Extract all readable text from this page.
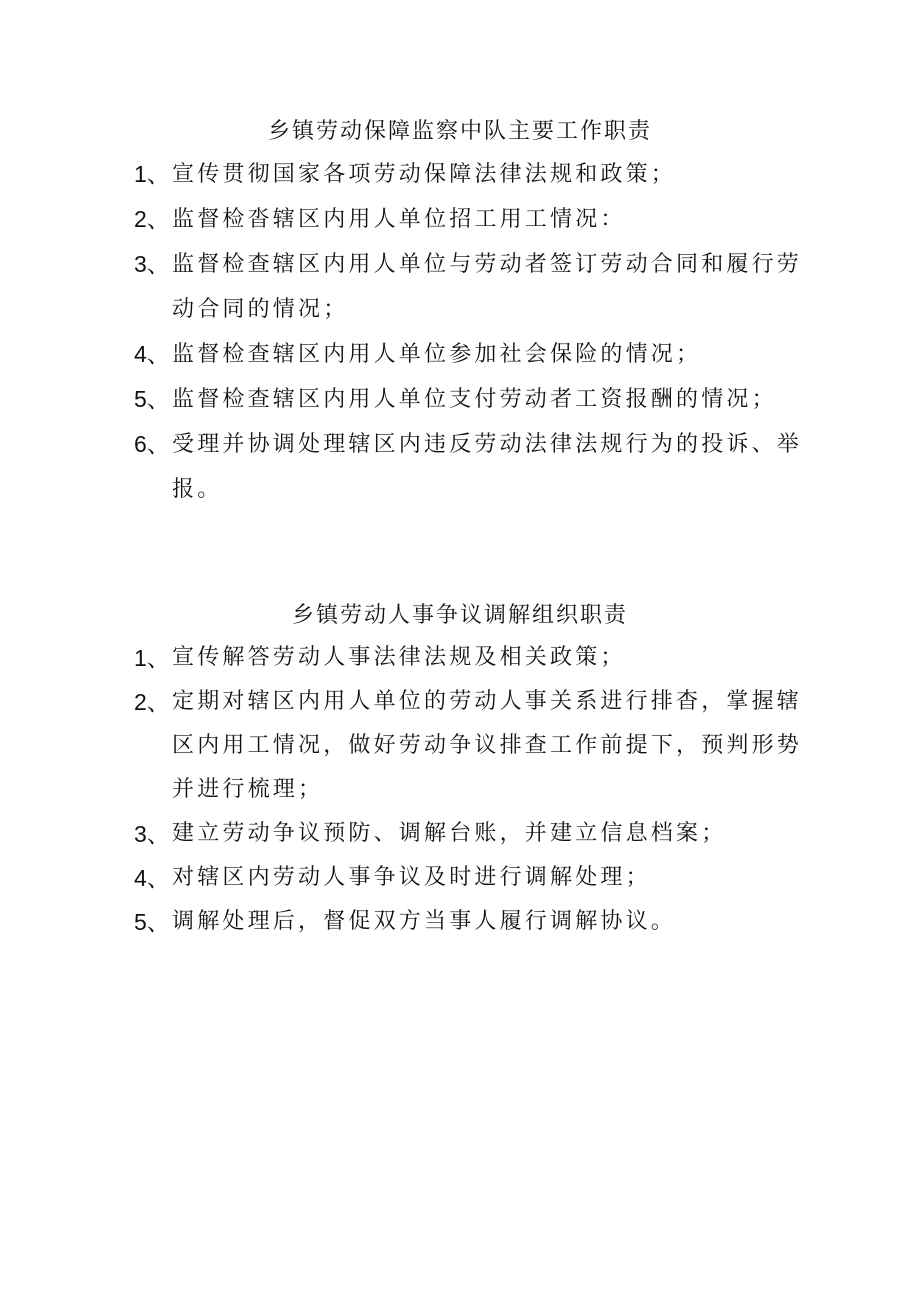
乡镇劳动保障监察中队主要工作职责
1、 宣传贯彻国家各项劳动保障法律法规和政策；
2、 监督检沓辖区内用人单位招工用工情况：
3、 监督检查辖区内用人单位与劳动者签订劳动合同和履行劳动合同的情况；
4、 监督检查辖区内用人单位参加社会保险的情况；
5、 监督检查辖区内用人单位支付劳动者工资报酬的情况；
6、 受理并协调处理辖区内违反劳动法律法规行为的投诉、举报。
乡镇劳动人事争议调解组织职责
1、 宣传解答劳动人事法律法规及相关政策；
2、 定期对辖区内用人单位的劳动人事关系进行排杳，掌握辖区内用工情况，做好劳动争议排查工作前提下，预判形势并进行梳理；
3、 建立劳动争议预防、调解台账，并建立信息档案；
4、 对辖区内劳动人事争议及时进行调解处理；
5、 调解处理后，督促双方当事人履行调解协议。
